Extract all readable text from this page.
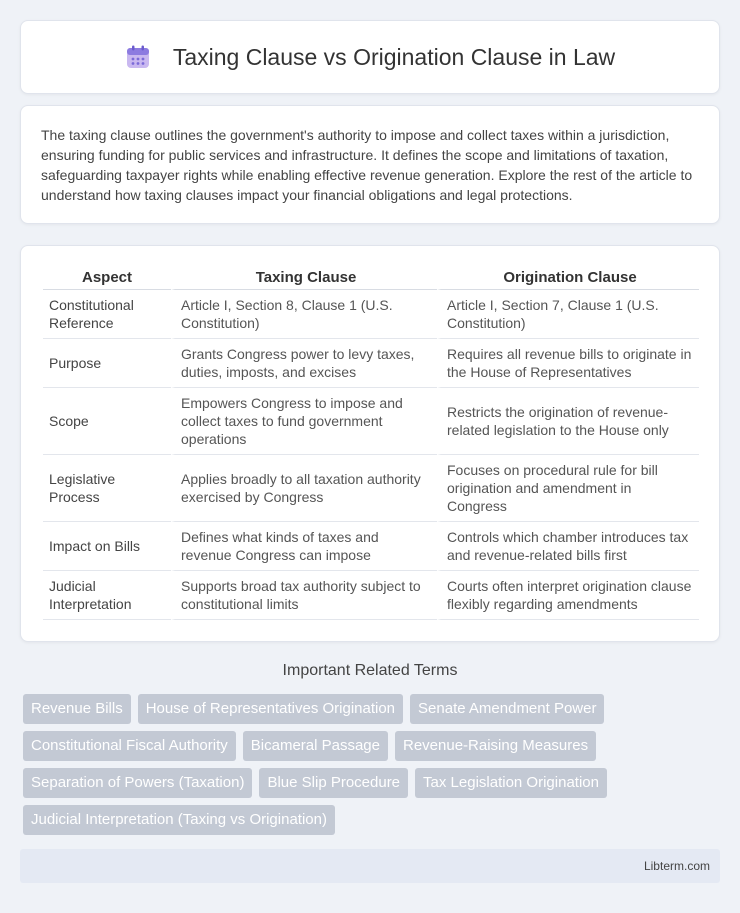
Taxing Clause vs Origination Clause in Law

The taxing clause outlines the government's authority to impose and collect taxes within a jurisdiction, ensuring funding for public services and infrastructure. It defines the scope and limitations of taxation, safeguarding taxpayer rights while enabling effective revenue generation. Explore the rest of the article to understand how taxing clauses impact your financial obligations and legal protections.

Aspect	Taxing Clause	Origination Clause
Constitutional Reference	Article I, Section 8, Clause 1 (U.S. Constitution)	Article I, Section 7, Clause 1 (U.S. Constitution)
Purpose	Grants Congress power to levy taxes, duties, imposts, and excises	Requires all revenue bills to originate in the House of Representatives
Scope	Empowers Congress to impose and collect taxes to fund government operations	Restricts the origination of revenue-related legislation to the House only
Legislative Process	Applies broadly to all taxation authority exercised by Congress	Focuses on procedural rule for bill origination and amendment in Congress
Impact on Bills	Defines what kinds of taxes and revenue Congress can impose	Controls which chamber introduces tax and revenue-related bills first
Judicial Interpretation	Supports broad tax authority subject to constitutional limits	Courts often interpret origination clause flexibly regarding amendments
Important Related Terms
Revenue Bills	House of Representatives Origination	Senate Amendment Power
Constitutional Fiscal Authority	Bicameral Passage	Revenue-Raising Measures
Separation of Powers (Taxation)	Blue Slip Procedure	Tax Legislation Origination
Judicial Interpretation (Taxing vs Origination)
Libterm.com
